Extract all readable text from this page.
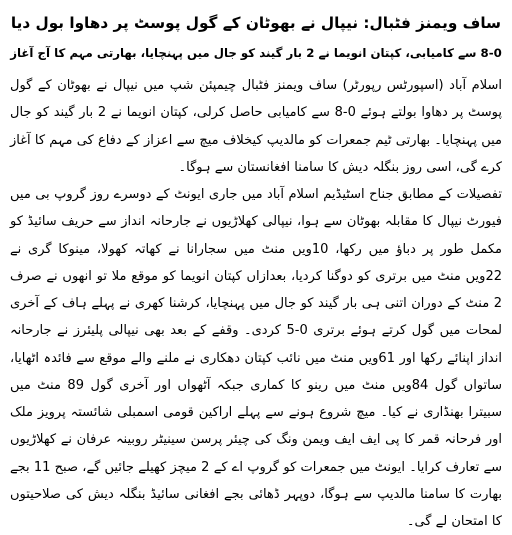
ساف ویمنز فٹبال: نیپال نے بھوٹان کے گول پوسٹ پر دھاوا بول دیا
8-0 سے کامیابی، کپتان انویما نے 2 بار گیند کو جال میں پہنچایا، بھارتی مہم کا آج آغاز

اسلام آباد (اسپورٹس رپورٹر) ساف ویمنز فٹبال چیمپئن شپ میں نیپال نے بھوٹان کے گول پوسٹ پر دھاوا بولتے ہوئے 0-8 سے کامیابی حاصل کرلی، کپتان انویما نے 2 بار گیند کو جال میں پہنچایا۔ بھارتی ٹیم جمعرات کو مالدیپ کیخلاف میچ سے اعزاز کے دفاع کی مہم کا آغاز کرے گی، اسی روز بنگلہ دیش کا سامنا افغانستان سے ہوگا۔

تفصیلات کے مطابق جناح اسٹیڈیم اسلام آباد میں جاری ایونٹ کے دوسرے روز گروپ بی میں فیورٹ نیپال کا مقابلہ بھوٹان سے ہوا، نیپالی کھلاڑیوں نے جارحانہ انداز سے حریف سائیڈ کو مکمل طور پر دباؤ میں رکھا، 10ویں منٹ میں سجارانا نے کھاتہ کھولا، مینوکا گری نے 22ویں منٹ میں برتری کو دوگنا کردیا، بعدازاں کپتان انویما کو موقع ملا تو انھوں نے صرف 2 منٹ کے دوران اتنی ہی بار گیند کو جال میں پہنچایا، کرشنا کھری نے پہلے ہاف کے آخری لمحات میں گول کرتے ہوئے برتری 0-5 کردی۔ وقفے کے بعد بھی نیپالی پلیئرز نے جارحانہ انداز اپنائے رکھا اور 61ویں منٹ میں نائب کپتان دھکاری نے ملنے والے موقع سے فائدہ اٹھایا، ساتواں گول 84ویں منٹ میں رینو کا کماری جبکہ آٹھواں اور آخری گول 89 منٹ میں سبیترا بھنڈاری نے کیا۔ میچ شروع ہونے سے پہلے اراکین قومی اسمبلی شائستہ پرویز ملک اور فرحانہ قمر کا پی ایف ایف ویمن ونگ کی چیئر پرسن سینیٹر روبینہ عرفان نے کھلاڑیوں سے تعارف کرایا۔ ایونٹ میں جمعرات کو گروپ اے کے 2 میچز کھیلے جائیں گے، صبح 11 بجے بھارت کا سامنا مالدیپ سے ہوگا، دوپہر ڈھائی بجے افغانی سائیڈ بنگلہ دیش کی صلاحیتوں کا امتحان لے گی۔
